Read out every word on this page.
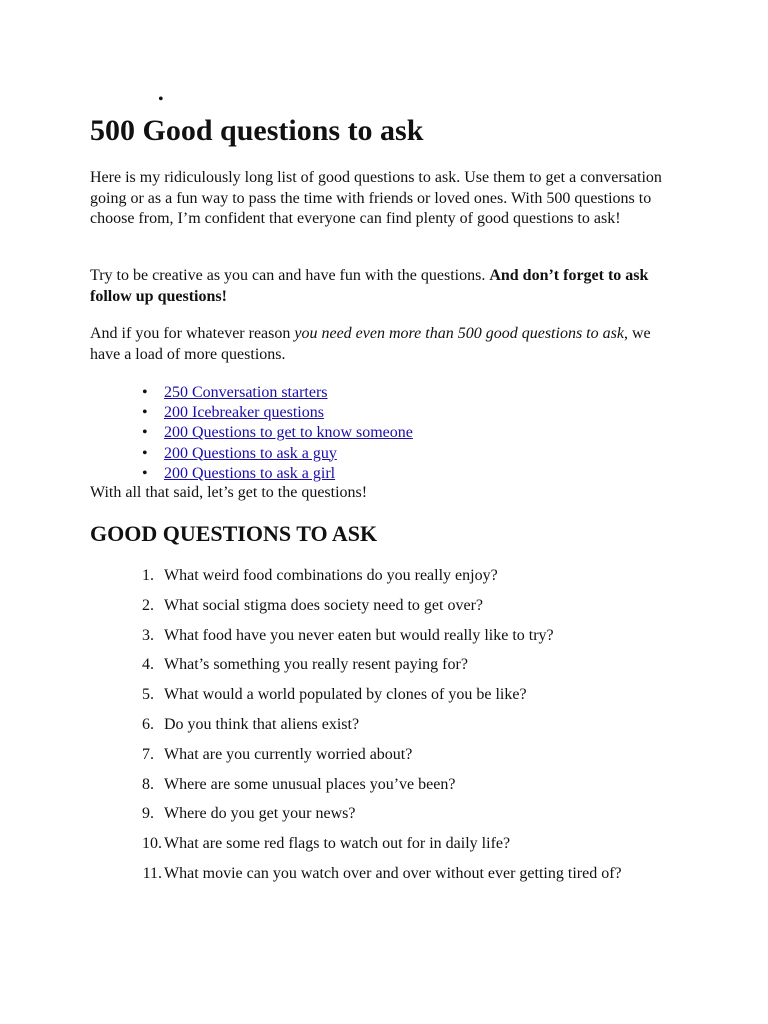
•
500 Good questions to ask

Here is my ridiculously long list of good questions to ask. Use them to get a conversation going or as a fun way to pass the time with friends or loved ones. With 500 questions to choose from, I’m confident that everyone can find plenty of good questions to ask!

Try to be creative as you can and have fun with the questions. And don’t forget to ask follow up questions!

And if you for whatever reason you need even more than 500 good questions to ask, we have a load of more questions.

• 250 Conversation starters
• 200 Icebreaker questions
• 200 Questions to get to know someone
• 200 Questions to ask a guy
• 200 Questions to ask a girl

With all that said, let’s get to the questions!

GOOD QUESTIONS TO ASK
1. What weird food combinations do you really enjoy?
2. What social stigma does society need to get over?
3. What food have you never eaten but would really like to try?
4. What’s something you really resent paying for?
5. What would a world populated by clones of you be like?
6. Do you think that aliens exist?
7. What are you currently worried about?
8. Where are some unusual places you’ve been?
9. Where do you get your news?
10. What are some red flags to watch out for in daily life?
11. What movie can you watch over and over without ever getting tired of?
